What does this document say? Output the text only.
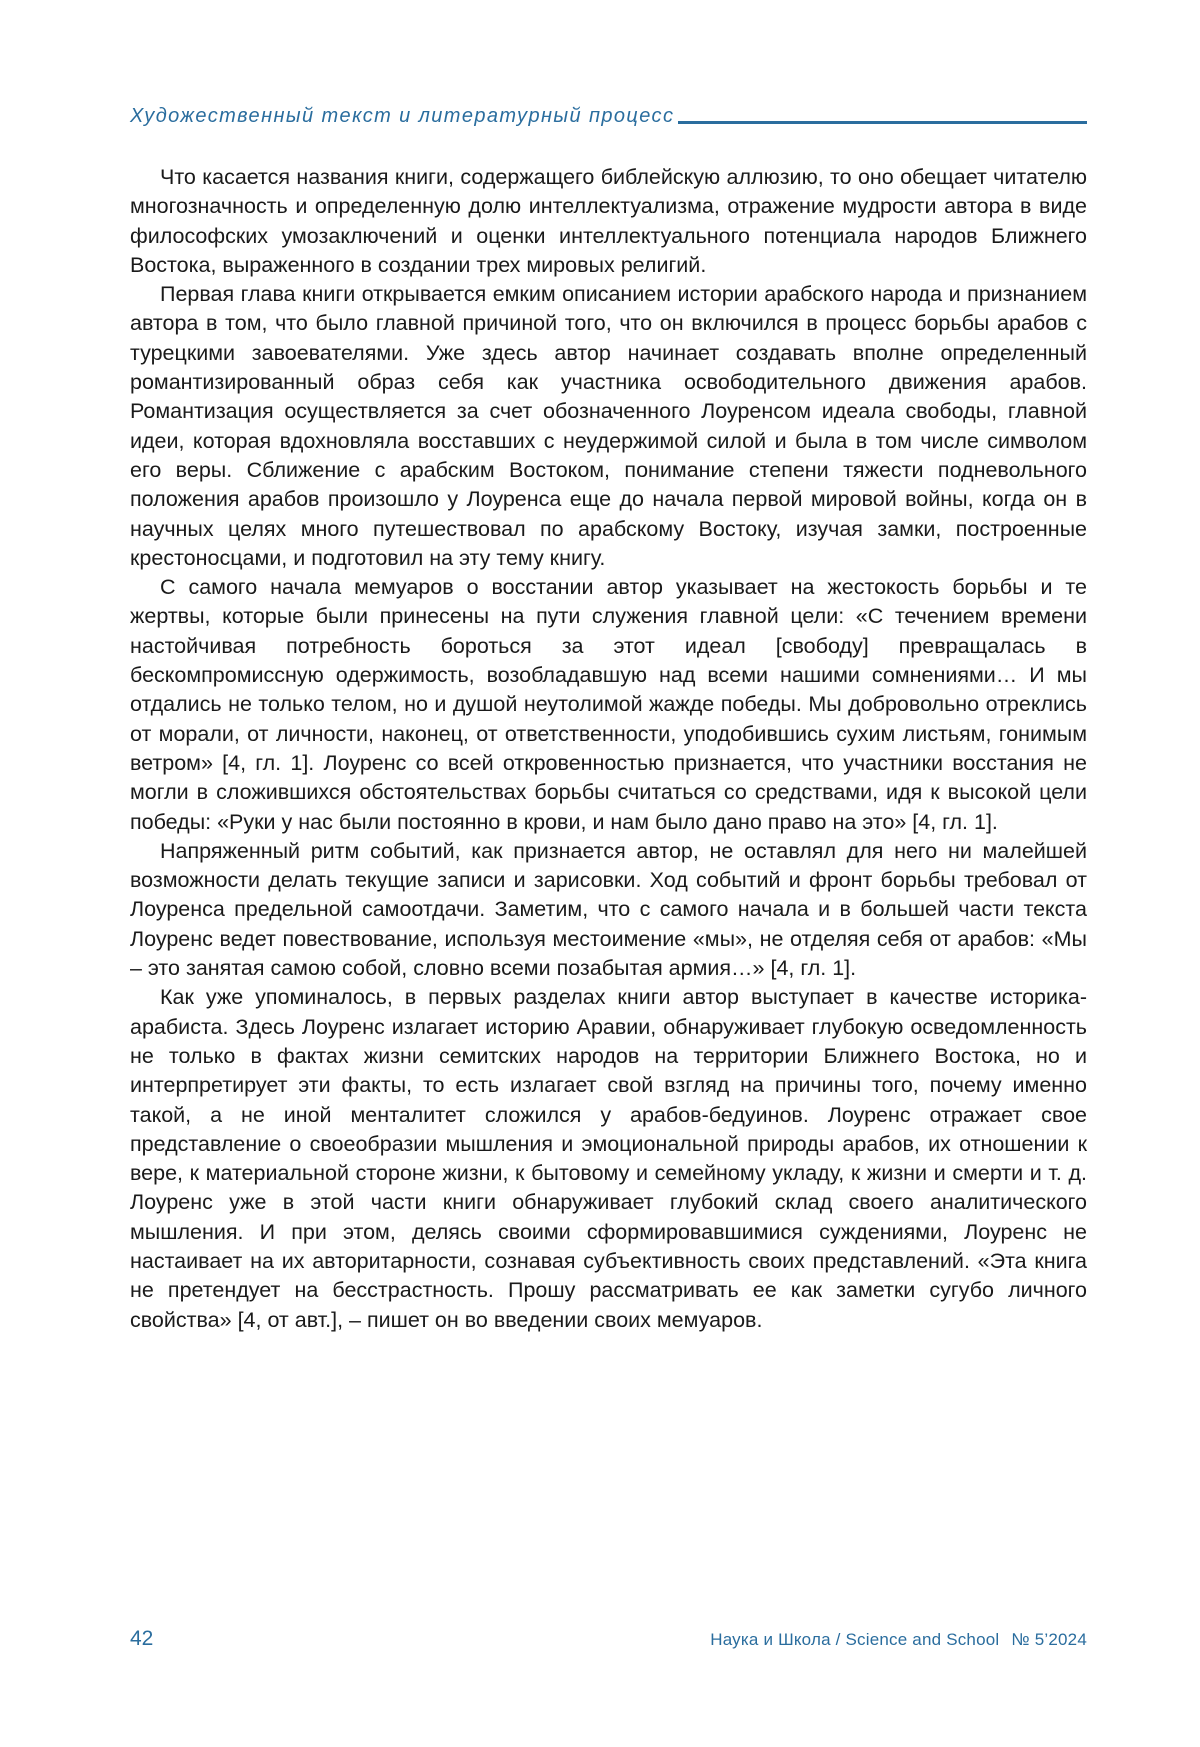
Художественный текст и литературный процесс

Что касается названия книги, содержащего библейскую аллюзию, то оно обещает читателю многозначность и определенную долю интеллектуализма, отражение мудрости автора в виде философских умозаключений и оценки интеллектуального потенциала народов Ближнего Востока, выраженного в создании трех мировых религий.

Первая глава книги открывается емким описанием истории арабского народа и признанием автора в том, что было главной причиной того, что он включился в процесс борьбы арабов с турецкими завоевателями. Уже здесь автор начинает создавать вполне определенный романтизированный образ себя как участника освободительного движения арабов. Романтизация осуществляется за счет обозначенного Лоуренсом идеала свободы, главной идеи, которая вдохновляла восставших с неудержимой силой и была в том числе символом его веры. Сближение с арабским Востоком, понимание степени тяжести подневольного положения арабов произошло у Лоуренса еще до начала первой мировой войны, когда он в научных целях много путешествовал по арабскому Востоку, изучая замки, построенные крестоносцами, и подготовил на эту тему книгу.

С самого начала мемуаров о восстании автор указывает на жестокость борьбы и те жертвы, которые были принесены на пути служения главной цели: «С течением времени настойчивая потребность бороться за этот идеал [свободу] превращалась в бескомпромиссную одержимость, возобладавшую над всеми нашими сомнениями… И мы отдались не только телом, но и душой неутолимой жажде победы. Мы добровольно отреклись от морали, от личности, наконец, от ответственности, уподобившись сухим листьям, гонимым ветром» [4, гл. 1]. Лоуренс со всей откровенностью признается, что участники восстания не могли в сложившихся обстоятельствах борьбы считаться со средствами, идя к высокой цели победы: «Руки у нас были постоянно в крови, и нам было дано право на это» [4, гл. 1].

Напряженный ритм событий, как признается автор, не оставлял для него ни малейшей возможности делать текущие записи и зарисовки. Ход событий и фронт борьбы требовал от Лоуренса предельной самоотдачи. Заметим, что с самого начала и в большей части текста Лоуренс ведет повествование, используя местоимение «мы», не отделяя себя от арабов: «Мы – это занятая самою собой, словно всеми позабытая армия…» [4, гл. 1].

Как уже упоминалось, в первых разделах книги автор выступает в качестве историка-арабиста. Здесь Лоуренс излагает историю Аравии, обнаруживает глубокую осведомленность не только в фактах жизни семитских народов на территории Ближнего Востока, но и интерпретирует эти факты, то есть излагает свой взгляд на причины того, почему именно такой, а не иной менталитет сложился у арабов-бедуинов. Лоуренс отражает свое представление о своеобразии мышления и эмоциональной природы арабов, их отношении к вере, к материальной стороне жизни, к бытовому и семейному укладу, к жизни и смерти и т. д. Лоуренс уже в этой части книги обнаруживает глубокий склад своего аналитического мышления. И при этом, делясь своими сформировавшимися суждениями, Лоуренс не настаивает на их авторитарности, сознавая субъективность своих представлений. «Эта книга не претендует на бесстрастность. Прошу рассматривать ее как заметки сугубо личного свойства» [4, от авт.], – пишет он во введении своих мемуаров.

42	Наука и Школа / Science and School № 5’2024
